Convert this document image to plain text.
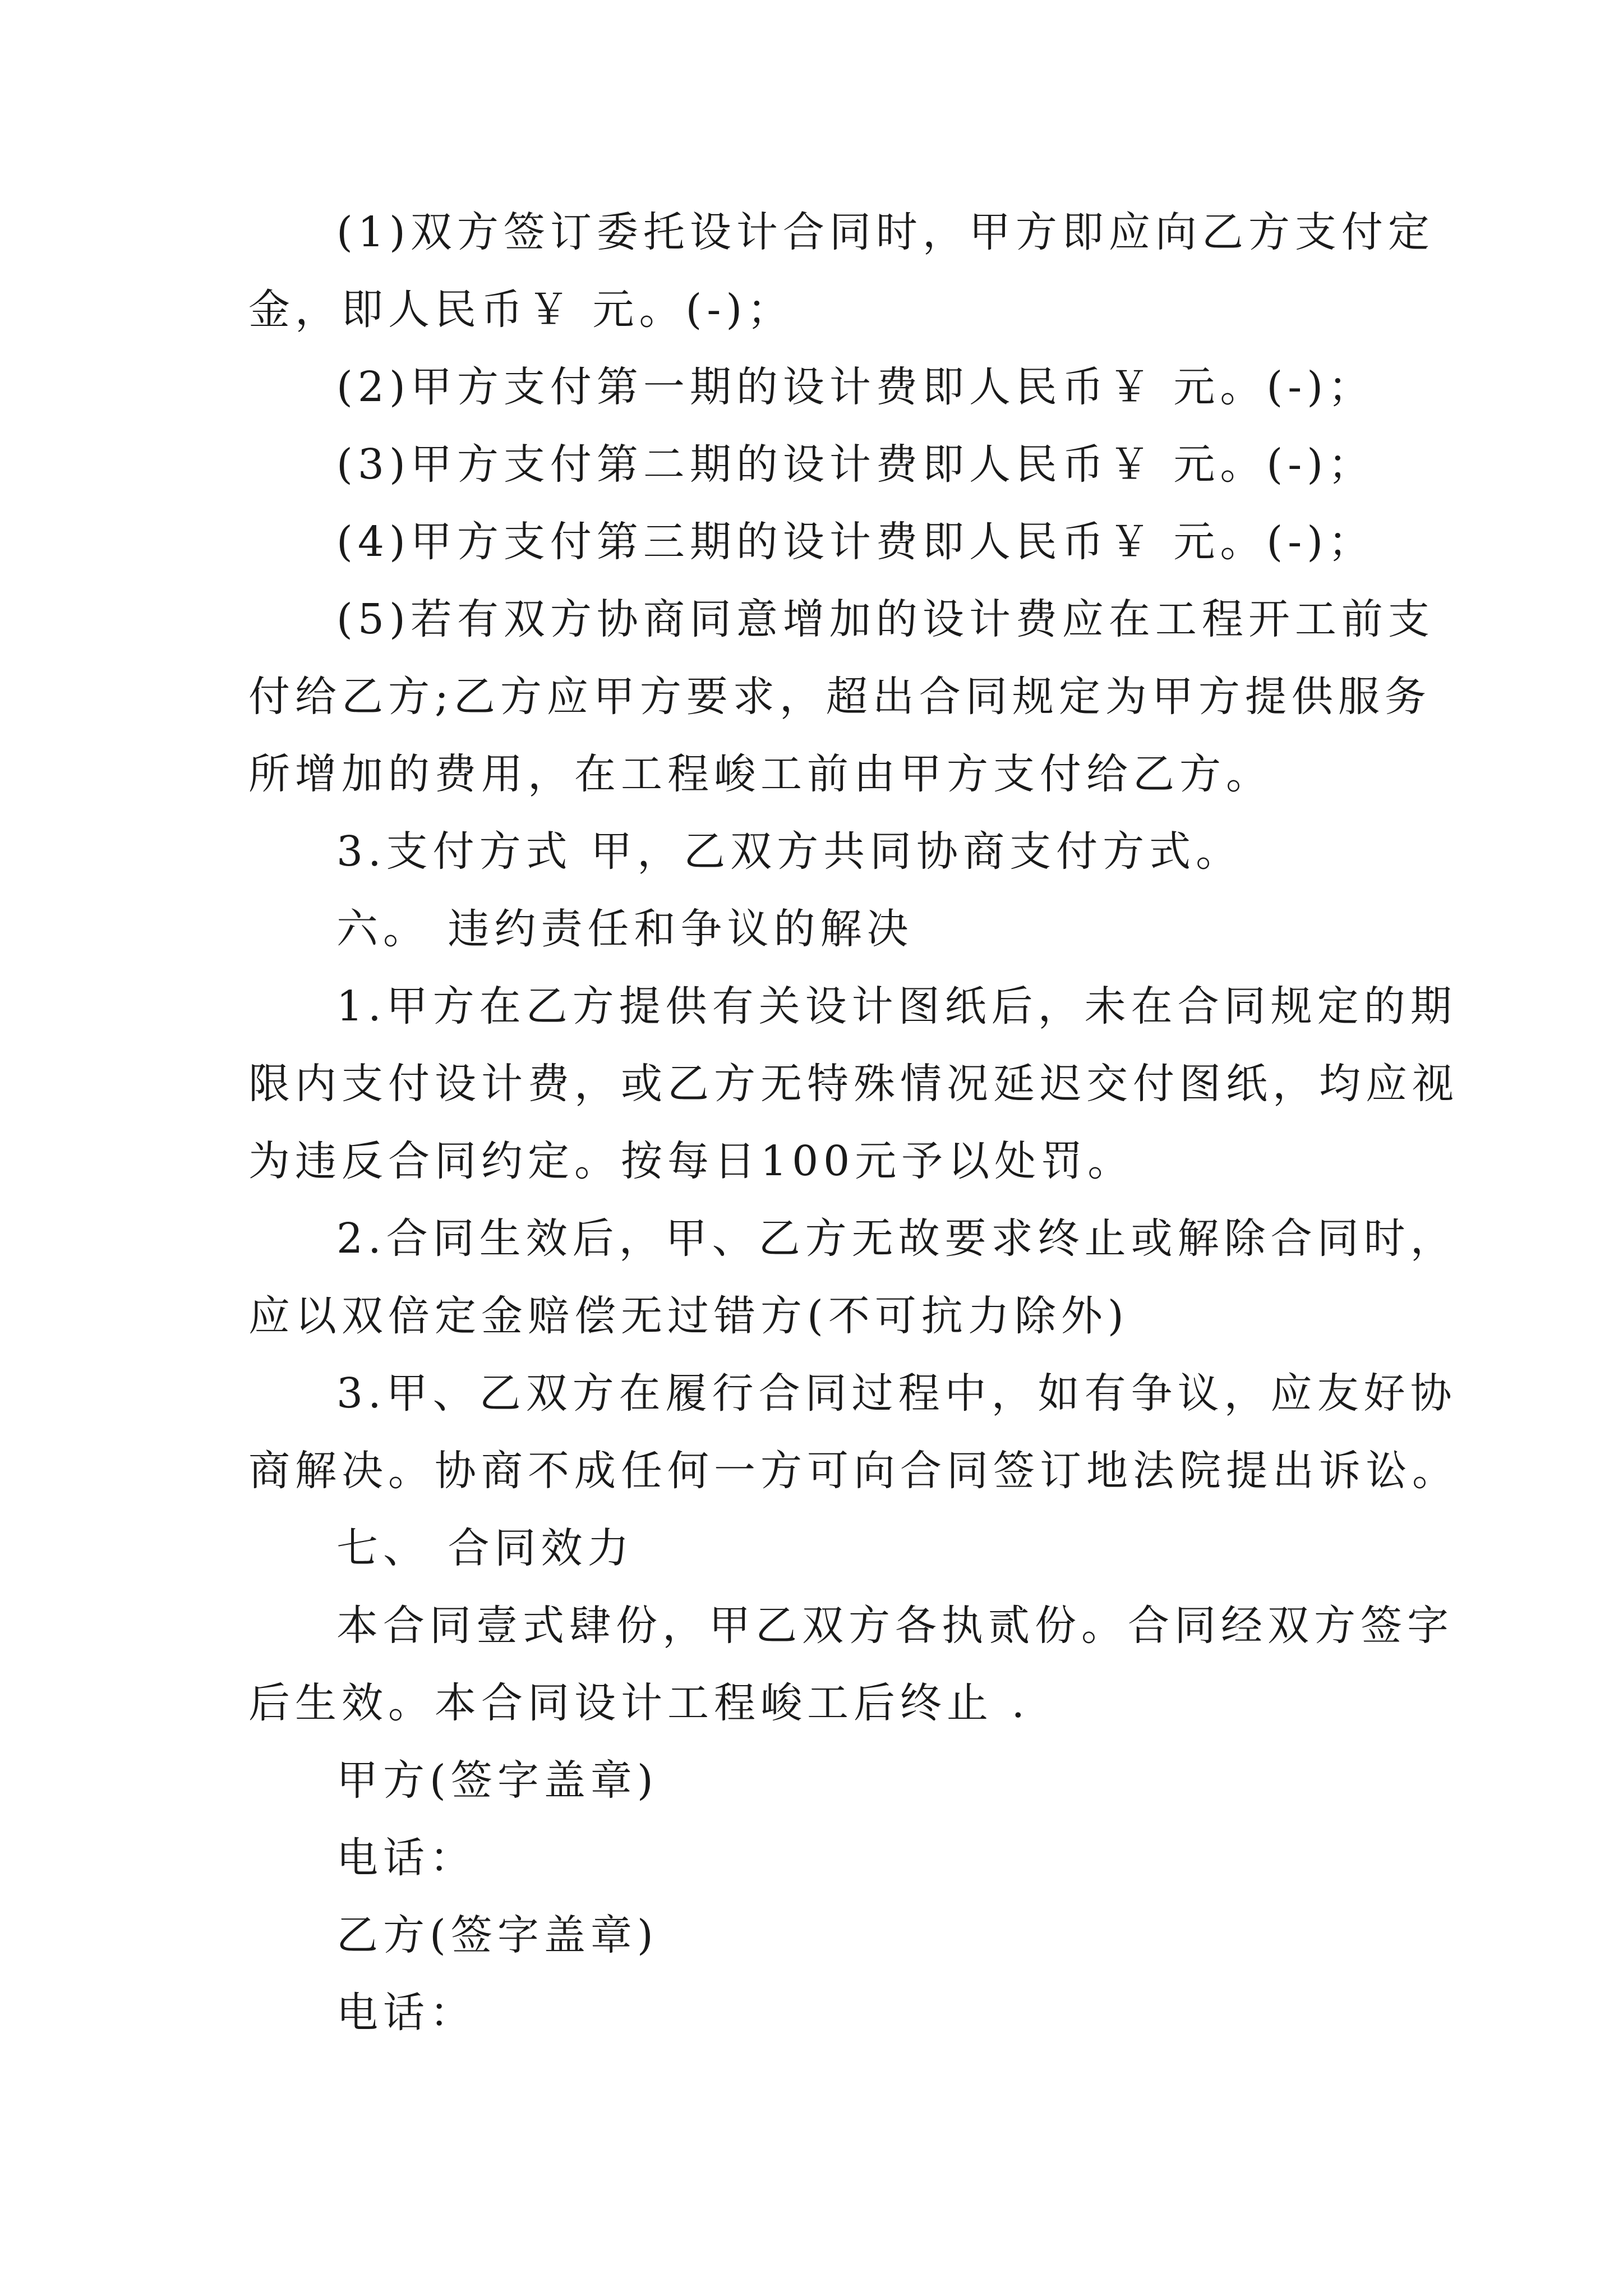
(1)双方签订委托设计合同时，甲方即应向乙方支付定
金，即人民币￥ 元。(-)；
(2)甲方支付第一期的设计费即人民币￥ 元。(-)；
(3)甲方支付第二期的设计费即人民币￥ 元。(-)；
(4)甲方支付第三期的设计费即人民币￥ 元。(-)；
(5)若有双方协商同意增加的设计费应在工程开工前支
付给乙方;乙方应甲方要求，超出合同规定为甲方提供服务
所增加的费用，在工程峻工前由甲方支付给乙方。
3.支付方式 甲，乙双方共同协商支付方式。
六。 违约责任和争议的解决
1.甲方在乙方提供有关设计图纸后，未在合同规定的期
限内支付设计费，或乙方无特殊情况延迟交付图纸，均应视
为违反合同约定。按每日100元予以处罚。
2.合同生效后，甲、乙方无故要求终止或解除合同时，
应以双倍定金赔偿无过错方(不可抗力除外)
3.甲、乙双方在履行合同过程中，如有争议，应友好协
商解决。协商不成任何一方可向合同签订地法院提出诉讼。
七、 合同效力
本合同壹式肆份，甲乙双方各执贰份。合同经双方签字
后生效。本合同设计工程峻工后终止 .
甲方(签字盖章)
电话：
乙方(签字盖章)
电话：
